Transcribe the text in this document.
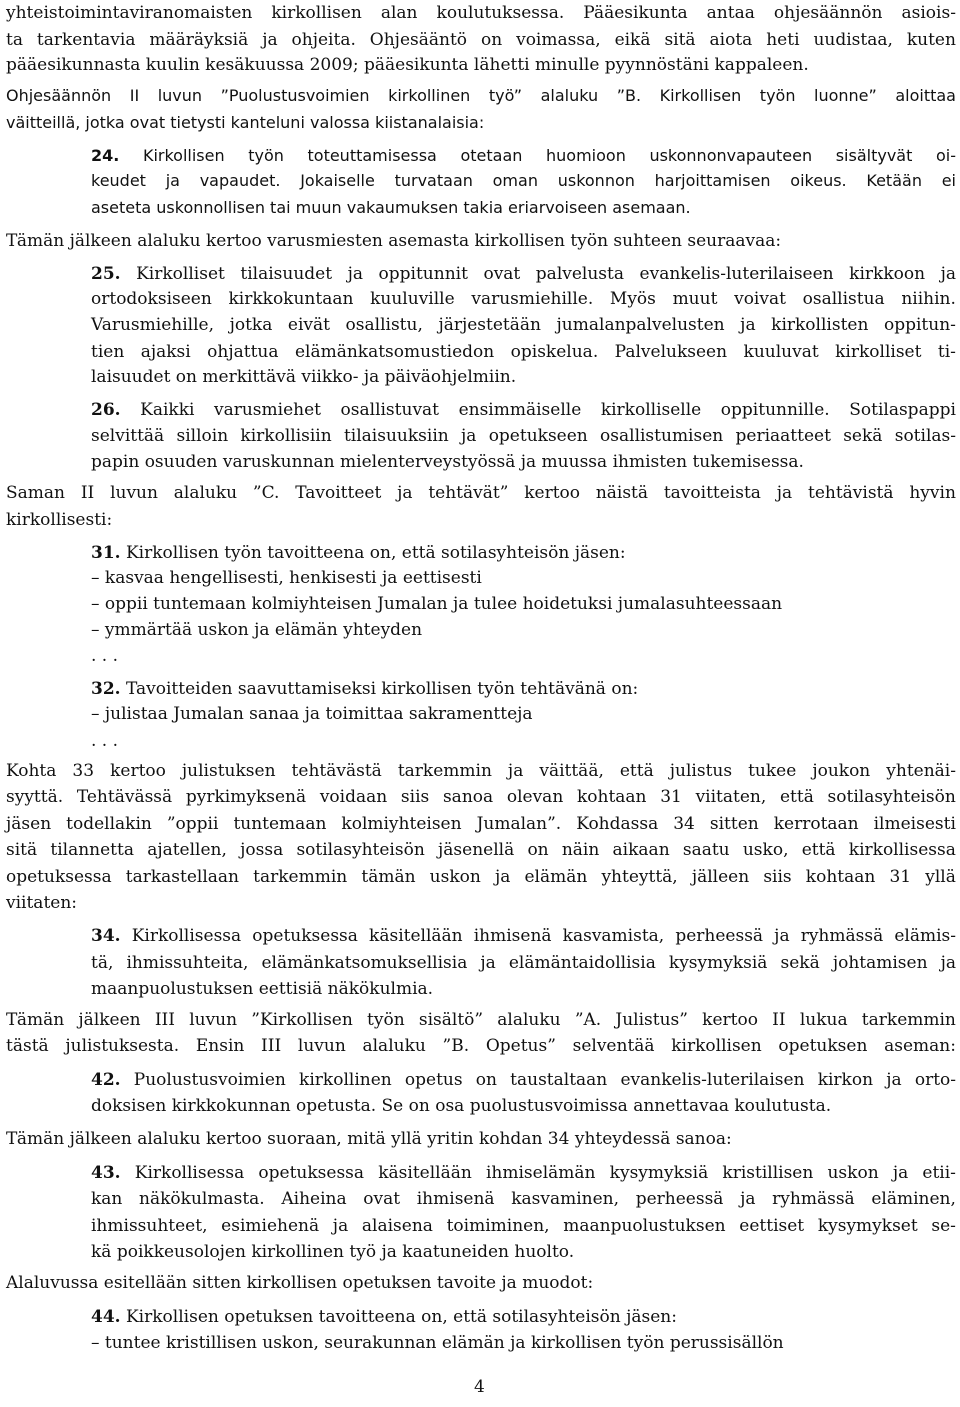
yhteistoimintaviranomaisten kirkollisen alan koulutuksessa. Pääesikunta antaa ohjesäännön asiois-
ta tarkentavia määräyksiä ja ohjeita. Ohjesääntö on voimassa, eikä sitä aiota heti uudistaa, kuten
pääesikunnasta kuulin kesäkuussa 2009; pääesikunta lähetti minulle pyynnöstäni kappaleen.
Ohjesäännön II luvun ”Puolustusvoimien kirkollinen työ” alaluku ”B. Kirkollisen työn luonne” aloittaa
väitteillä, jotka ovat tietysti kanteluni valossa kiistanalaisia:
24. Kirkollisen työn toteuttamisessa otetaan huomioon uskonnonvapauteen sisältyvät oi-
keudet ja vapaudet. Jokaiselle turvataan oman uskonnon harjoittamisen oikeus. Ketään ei
aseteta uskonnollisen tai muun vakaumuksen takia eriarvoiseen asemaan.
Tämän jälkeen alaluku kertoo varusmiesten asemasta kirkollisen työn suhteen seuraavaa:
25. Kirkolliset tilaisuudet ja oppitunnit ovat palvelusta evankelis-luterilaiseen kirkkoon ja
ortodoksiseen kirkkokuntaan kuuluville varusmiehille. Myös muut voivat osallistua niihin.
Varusmiehille, jotka eivät osallistu, järjestetään jumalanpalvelusten ja kirkollisten oppitun-
tien ajaksi ohjattua elämänkatsomustiedon opiskelua. Palvelukseen kuuluvat kirkolliset ti-
laisuudet on merkittävä viikko- ja päiväohjelmiin.
26. Kaikki varusmiehet osallistuvat ensimmäiselle kirkolliselle oppitunnille. Sotilaspappi
selvittää silloin kirkollisiin tilaisuuksiin ja opetukseen osallistumisen periaatteet sekä sotilas-
papin osuuden varuskunnan mielenterveystyössä ja muussa ihmisten tukemisessa.
Saman II luvun alaluku ”C. Tavoitteet ja tehtävät” kertoo näistä tavoitteista ja tehtävistä hyvin
kirkollisesti:
31. Kirkollisen työn tavoitteena on, että sotilasyhteisön jäsen:
– kasvaa hengellisesti, henkisesti ja eettisesti
– oppii tuntemaan kolmiyhteisen Jumalan ja tulee hoidetuksi jumalasuhteessaan
– ymmärtää uskon ja elämän yhteyden
. . .
32. Tavoitteiden saavuttamiseksi kirkollisen työn tehtävänä on:
– julistaa Jumalan sanaa ja toimittaa sakramentteja
. . .
Kohta 33 kertoo julistuksen tehtävästä tarkemmin ja väittää, että julistus tukee joukon yhtenäi-
syyttä. Tehtävässä pyrkimyksenä voidaan siis sanoa olevan kohtaan 31 viitaten, että sotilasyhteisön
jäsen todellakin ”oppii tuntemaan kolmiyhteisen Jumalan”. Kohdassa 34 sitten kerrotaan ilmeisesti
sitä tilannetta ajatellen, jossa sotilasyhteisön jäsenellä on näin aikaan saatu usko, että kirkollisessa
opetuksessa tarkastellaan tarkemmin tämän uskon ja elämän yhteyttä, jälleen siis kohtaan 31 yllä
viitaten:
34. Kirkollisessa opetuksessa käsitellään ihmisenä kasvamista, perheessä ja ryhmässä elämis-
tä, ihmissuhteita, elämänkatsomuksellisia ja elämäntaidollisia kysymyksiä sekä johtamisen ja
maanpuolustuksen eettisiä näkökulmia.
Tämän jälkeen III luvun ”Kirkollisen työn sisältö” alaluku ”A. Julistus” kertoo II lukua tarkemmin
tästä julistuksesta. Ensin III luvun alaluku ”B. Opetus” selventää kirkollisen opetuksen aseman:
42. Puolustusvoimien kirkollinen opetus on taustaltaan evankelis-luterilaisen kirkon ja orto-
doksisen kirkkokunnan opetusta. Se on osa puolustusvoimissa annettavaa koulutusta.
Tämän jälkeen alaluku kertoo suoraan, mitä yllä yritin kohdan 34 yhteydessä sanoa:
43. Kirkollisessa opetuksessa käsitellään ihmiselämän kysymyksiä kristillisen uskon ja etii-
kan näkökulmasta. Aiheina ovat ihmisenä kasvaminen, perheessä ja ryhmässä eläminen,
ihmissuhteet, esimiehenä ja alaisena toimiminen, maanpuolustuksen eettiset kysymykset se-
kä poikkeusolojen kirkollinen työ ja kaatuneiden huolto.
Alaluvussa esitellään sitten kirkollisen opetuksen tavoite ja muodot:
44. Kirkollisen opetuksen tavoitteena on, että sotilasyhteisön jäsen:
– tuntee kristillisen uskon, seurakunnan elämän ja kirkollisen työn perussisällön
4
